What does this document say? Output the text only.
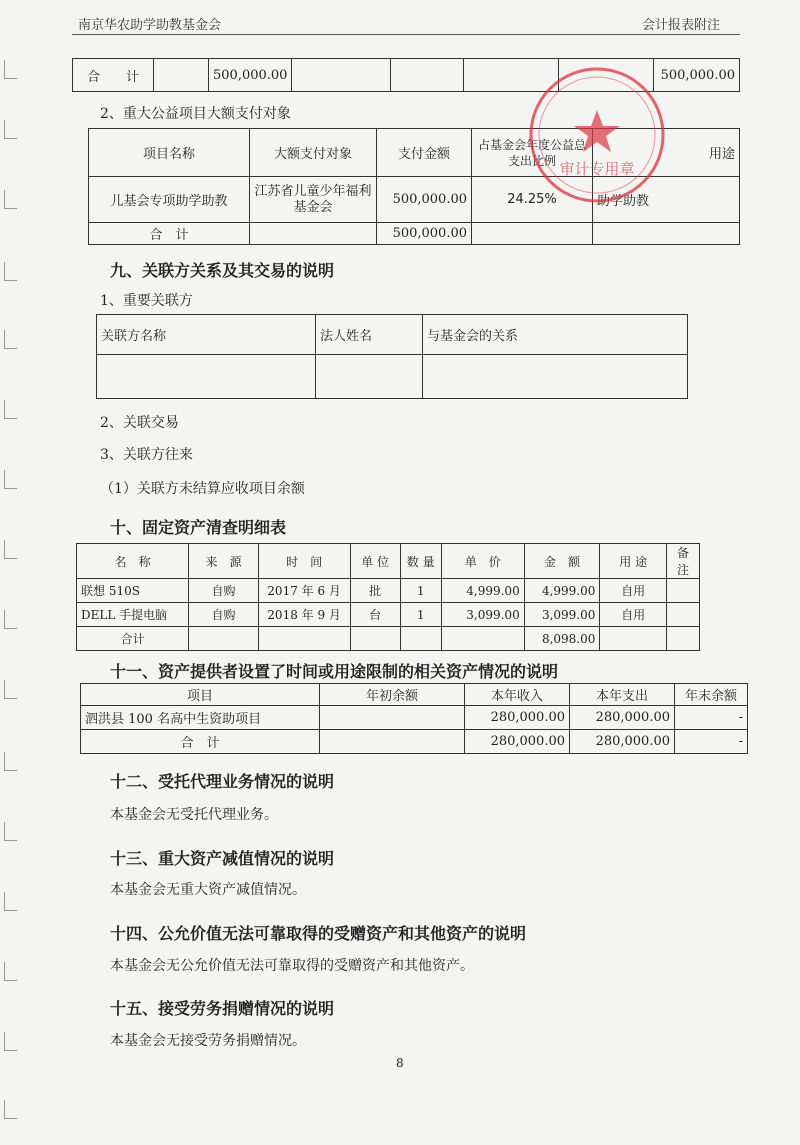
南京华农助学助教基金会	会计报表附注
合　　计		500,000.00					500,000.00
2、重大公益项目大额支付对象
项目名称	大额支付对象	支付金额	占基金会年度公益总支出比例	用途
儿基会专项助学助教	江苏省儿童少年福利基金会	500,000.00	24.25%	助学助教
合　计		500,000.00		
审计专用章
九、关联方关系及其交易的说明
1、重要关联方
关联方名称	法人姓名	与基金会的关系

2、关联交易
3、关联方往来
（1）关联方未结算应收项目余额
十、固定资产清查明细表
名　称	来　源	时　间	单 位	数 量	单　价	金　额	用 途	备　注
联想 510S	自购	2017 年 6 月	批	1	4,999.00	4,999.00	自用	
DELL 手提电脑	自购	2018 年 9 月	台	1	3,099.00	3,099.00	自用	
合计						8,098.00		
十一、资产提供者设置了时间或用途限制的相关资产情况的说明
项目	年初余额	本年收入	本年支出	年末余额
泗洪县 100 名高中生资助项目		280,000.00	280,000.00	-
合　计		280,000.00	280,000.00	-
十二、受托代理业务情况的说明
本基金会无受托代理业务。
十三、重大资产减值情况的说明
本基金会无重大资产减值情况。
十四、公允价值无法可靠取得的受赠资产和其他资产的说明
本基金会无公允价值无法可靠取得的受赠资产和其他资产。
十五、接受劳务捐赠情况的说明
本基金会无接受劳务捐赠情况。
8
